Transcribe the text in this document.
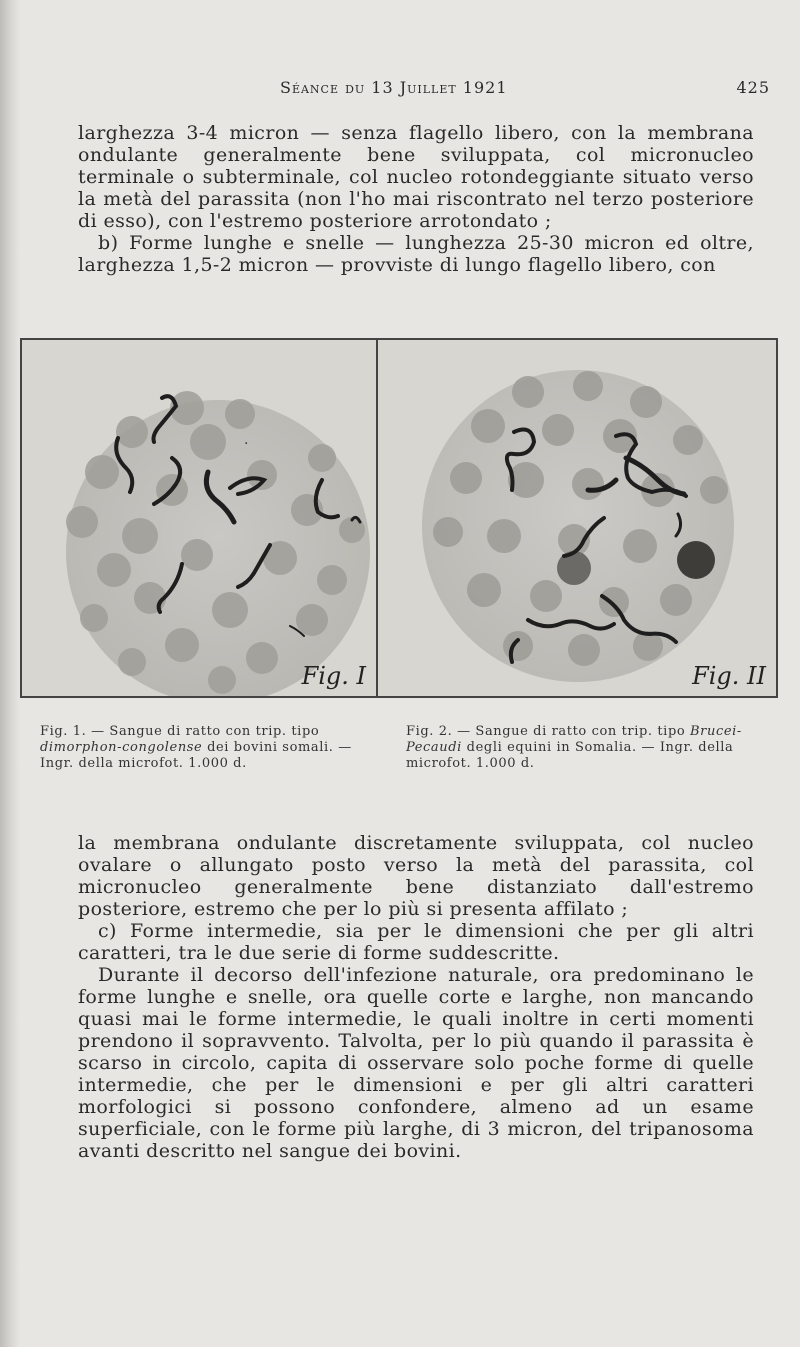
Séance du 13 Juillet 1921	425

larghezza 3-4 micron — senza flagello libero, con la membrana ondulante generalmente bene sviluppata, col micronucleo terminale o subterminale, col nucleo rotondeggiante situato verso la metà del parassita (non l'ho mai riscontrato nel terzo posteriore di esso), con l'estremo posteriore arrotondato ;

b) Forme lunghe e snelle — lunghezza 25-30 micron ed oltre, larghezza 1,5-2 micron — provviste di lungo flagello libero, con

·
Fig. I	Fig. II
Fig. 1. — Sangue di ratto con trip. tipo dimorphon-congolense dei bovini somali. — Ingr. della microfot. 1.000 d.
Fig. 2. — Sangue di ratto con trip. tipo Brucei-Pecaudi degli equini in Somalia. — Ingr. della microfot. 1.000 d.

la membrana ondulante discretamente sviluppata, col nucleo ovalare o allungato posto verso la metà del parassita, col micronucleo generalmente bene distanziato dall'estremo posteriore, estremo che per lo più si presenta affilato ;

c) Forme intermedie, sia per le dimensioni che per gli altri caratteri, tra le due serie di forme suddescritte.

Durante il decorso dell'infezione naturale, ora predominano le forme lunghe e snelle, ora quelle corte e larghe, non mancando quasi mai le forme intermedie, le quali inoltre in certi momenti prendono il sopravvento. Talvolta, per lo più quando il parassita è scarso in circolo, capita di osservare solo poche forme di quelle intermedie, che per le dimensioni e per gli altri caratteri morfologici si possono confondere, almeno ad un esame superficiale, con le forme più larghe, di 3 micron, del tripanosoma avanti descritto nel sangue dei bovini.
